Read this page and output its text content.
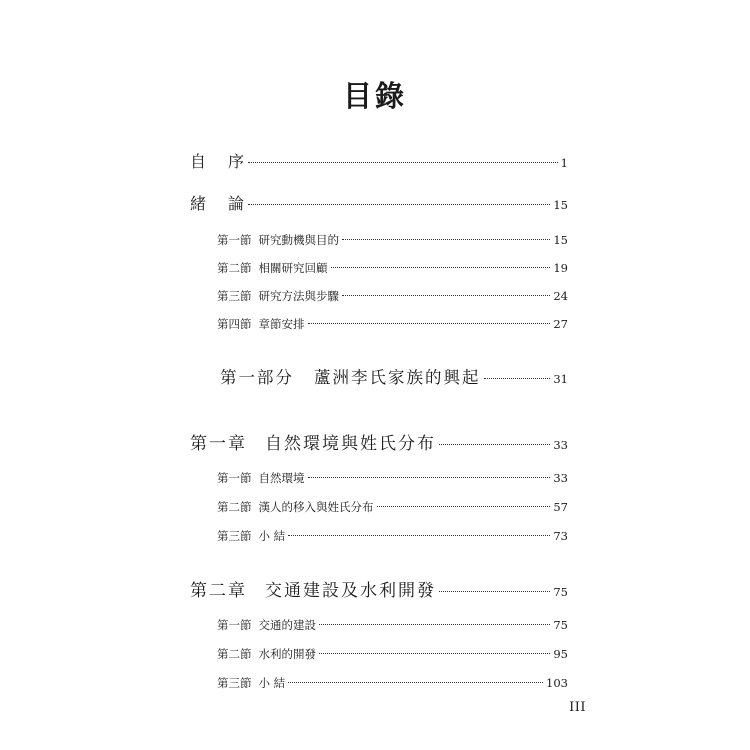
目錄
自 序	1
緒 論	15
第一節 研究動機與目的	15
第二節 相關研究回顧	19
第三節 研究方法與步驟	24
第四節 章節安排	27
第一部分 蘆洲李氏家族的興起	31
第一章 自然環境與姓氏分布	33
第一節 自然環境	33
第二節 漢人的移入與姓氏分布	57
第三節 小 結	73
第二章 交通建設及水利開發	75
第一節 交通的建設	75
第二節 水利的開發	95
第三節 小 結	103
III
